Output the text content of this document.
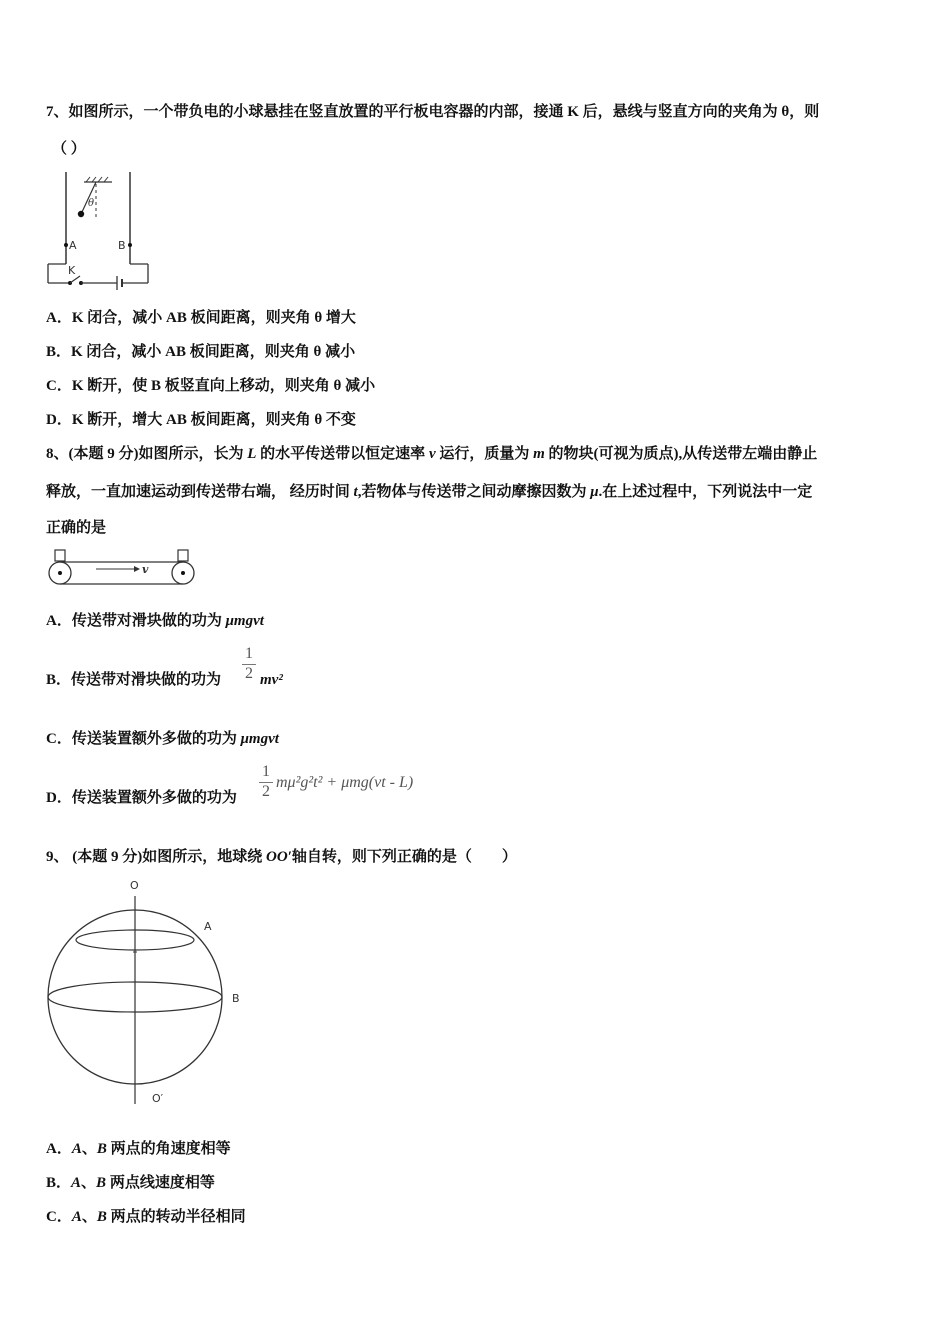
7、如图所示，一个带负电的小球悬挂在竖直放置的平行板电容器的内部，接通 K 后，悬线与竖直方向的夹角为 θ，则
（ ）
θ
A	B
K
A．K 闭合，减小 AB 板间距离，则夹角 θ 增大
B．K 闭合，减小 AB 板间距离，则夹角 θ 减小
C．K 断开，使 B 板竖直向上移动，则夹角 θ 减小
D．K 断开，增大 AB 板间距离，则夹角 θ 不变
8、(本题 9 分)如图所示，长为 L 的水平传送带以恒定速率 v 运行，质量为 m 的物块(可视为质点),从传送带左端由静止
释放，一直加速运动到传送带右端， 经历时间 t,若物体与传送带之间动摩擦因数为 μ.在上述过程中，下列说法中一定
正确的是
v
A．传送带对滑块做的功为 μmgvt
B．传送带对滑块做的功为 $\frac{1}{2} mv^2$
C．传送装置额外多做的功为 μmgvt
D．传送装置额外多做的功为 $\frac{1}{2} m\mu^2g^2t^2 + \mu mg(vt - L)$
9、 (本题 9 分)如图所示，地球绕 OO′轴自转，则下列正确的是（　　）
O
A
B
O′
A．A、B 两点的角速度相等
B．A、B 两点线速度相等
C．A、B 两点的转动半径相同
